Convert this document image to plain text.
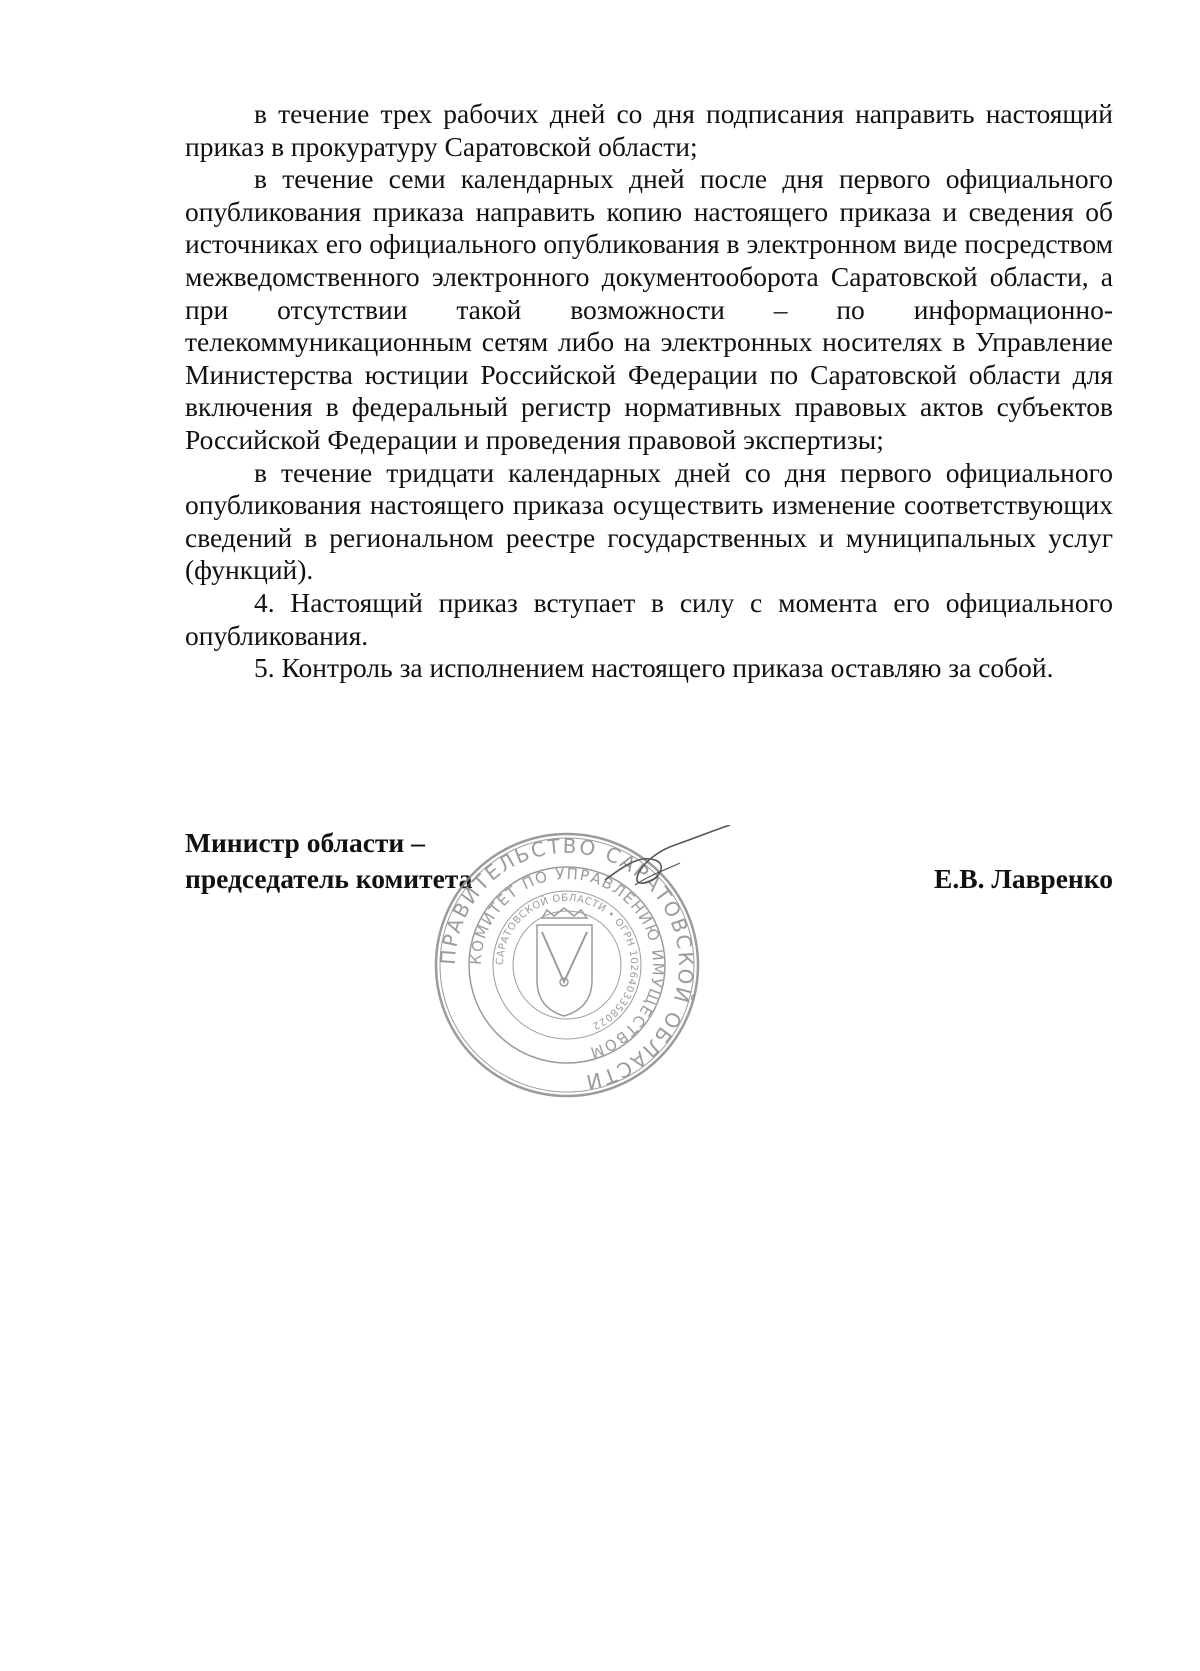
в течение трех рабочих дней со дня подписания направить настоящий приказ в прокуратуру Саратовской области;

в течение семи календарных дней после дня первого официального опубликования приказа направить копию настоящего приказа и сведения об источниках его официального опубликования в электронном виде посредством межведомственного электронного документооборота Саратовской области, а при отсутствии такой возможности – по информационно-телекоммуникационным сетям либо на электронных носителях в Управление Министерства юстиции Российской Федерации по Саратовской области для включения в федеральный регистр нормативных правовых актов субъектов Российской Федерации и проведения правовой экспертизы;

в течение тридцати календарных дней со дня первого официального опубликования настоящего приказа осуществить изменение соответствующих сведений в региональном реестре государственных и муниципальных услуг (функций).

4. Настоящий приказ вступает в силу с момента его официального опубликования.

5. Контроль за исполнением настоящего приказа оставляю за собой.

Министр области –
председатель комитета	Е.В. Лавренко
ПРАВИТЕЛЬСТВО САРАТОВСКОЙ ОБЛАСТИ
КОМИТЕТ ПО УПРАВЛЕНИЮ ИМУЩЕСТВОМ
САРАТОВСКОЙ ОБЛАСТИ • ОГРН 1026403358022
